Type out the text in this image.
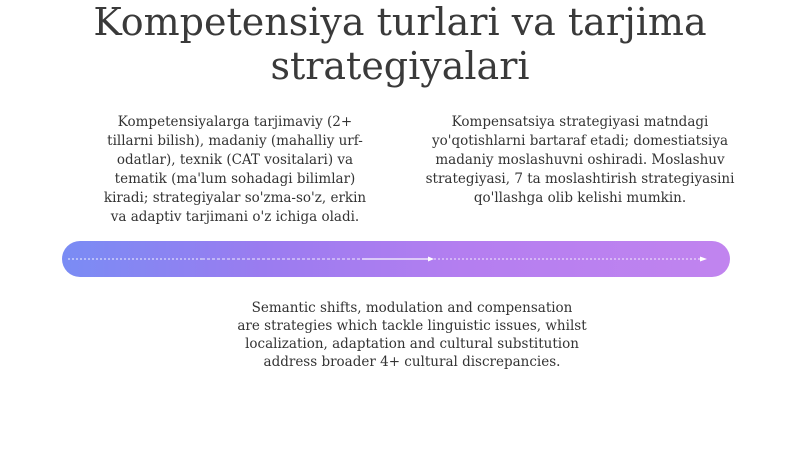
Kompetensiya turlari va tarjima
strategiyalari
Kompetensiyalarga tarjimaviy (2+
tillarni bilish), madaniy (mahalliy urf-
odatlar), texnik (CAT vositalari) va
tematik (ma'lum sohadagi bilimlar)
kiradi; strategiyalar so'zma-so'z, erkin
va adaptiv tarjimani o'z ichiga oladi.
Kompensatsiya strategiyasi matndagi
yo'qotishlarni bartaraf etadi; domestiatsiya
madaniy moslashuvni oshiradi. Moslashuv
strategiyasi, 7 ta moslashtirish strategiyasini
qo'llashga olib kelishi mumkin.
Semantic shifts, modulation and compensation
are strategies which tackle linguistic issues, whilst
localization, adaptation and cultural substitution
address broader 4+ cultural discrepancies.
